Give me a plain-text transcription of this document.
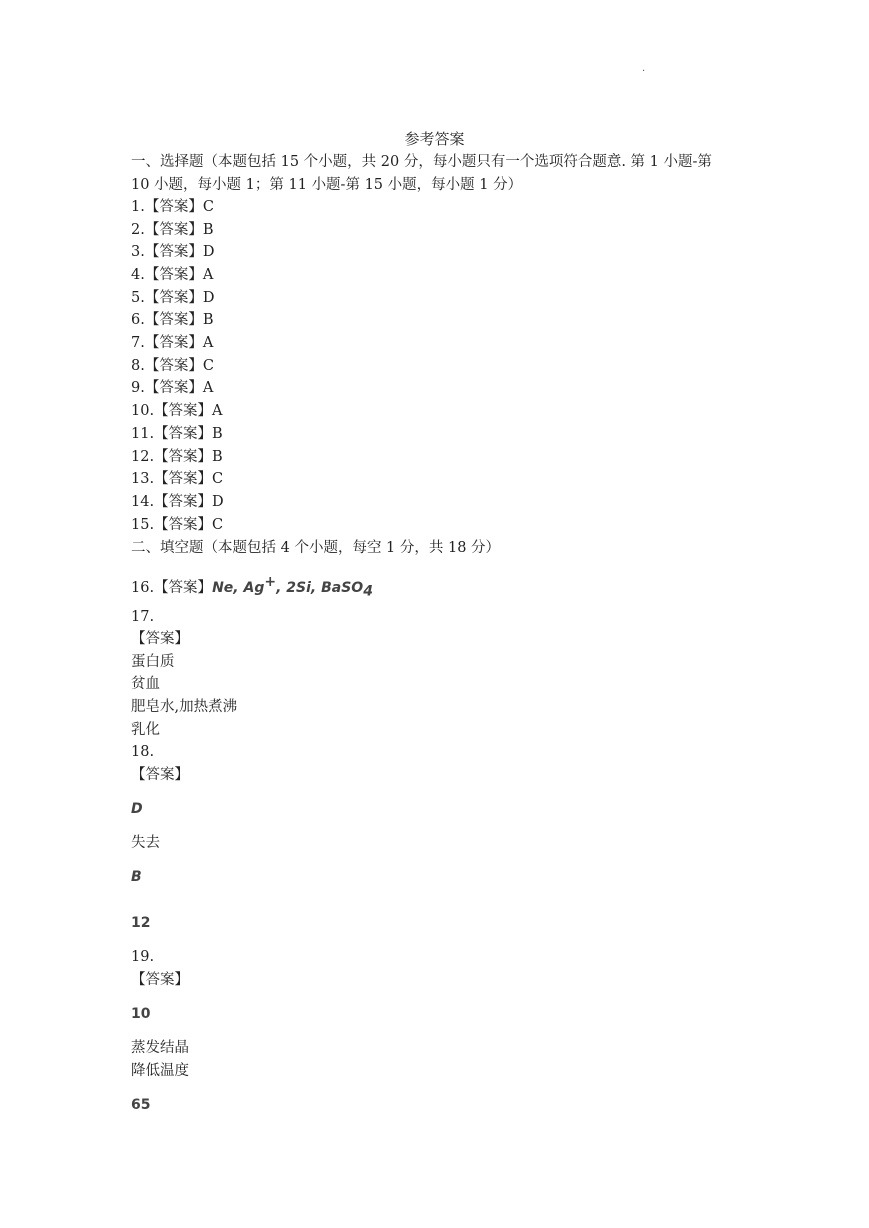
·
参考答案
一、选择题（本题包括 15 个小题，共 20 分，每小题只有一个选项符合题意. 第 1 小题-第
10 小题，每小题 1；第 11 小题-第 15 小题，每小题 1 分）
1.【答案】C
2.【答案】B
3.【答案】D
4.【答案】A
5.【答案】D
6.【答案】B
7.【答案】A
8.【答案】C
9.【答案】A
10.【答案】A
11.【答案】B
12.【答案】B
13.【答案】C
14.【答案】D
15.【答案】C
二、填空题（本题包括 4 个小题，每空 1 分，共 18 分）
16.【答案】Ne, Ag+, 2Si, BaSO$_4$
17.
【答案】
蛋白质
贫血
肥皂水,加热煮沸
乳化
18.
【答案】
D
失去
B
12
19.
【答案】
10
蒸发结晶
降低温度
65
